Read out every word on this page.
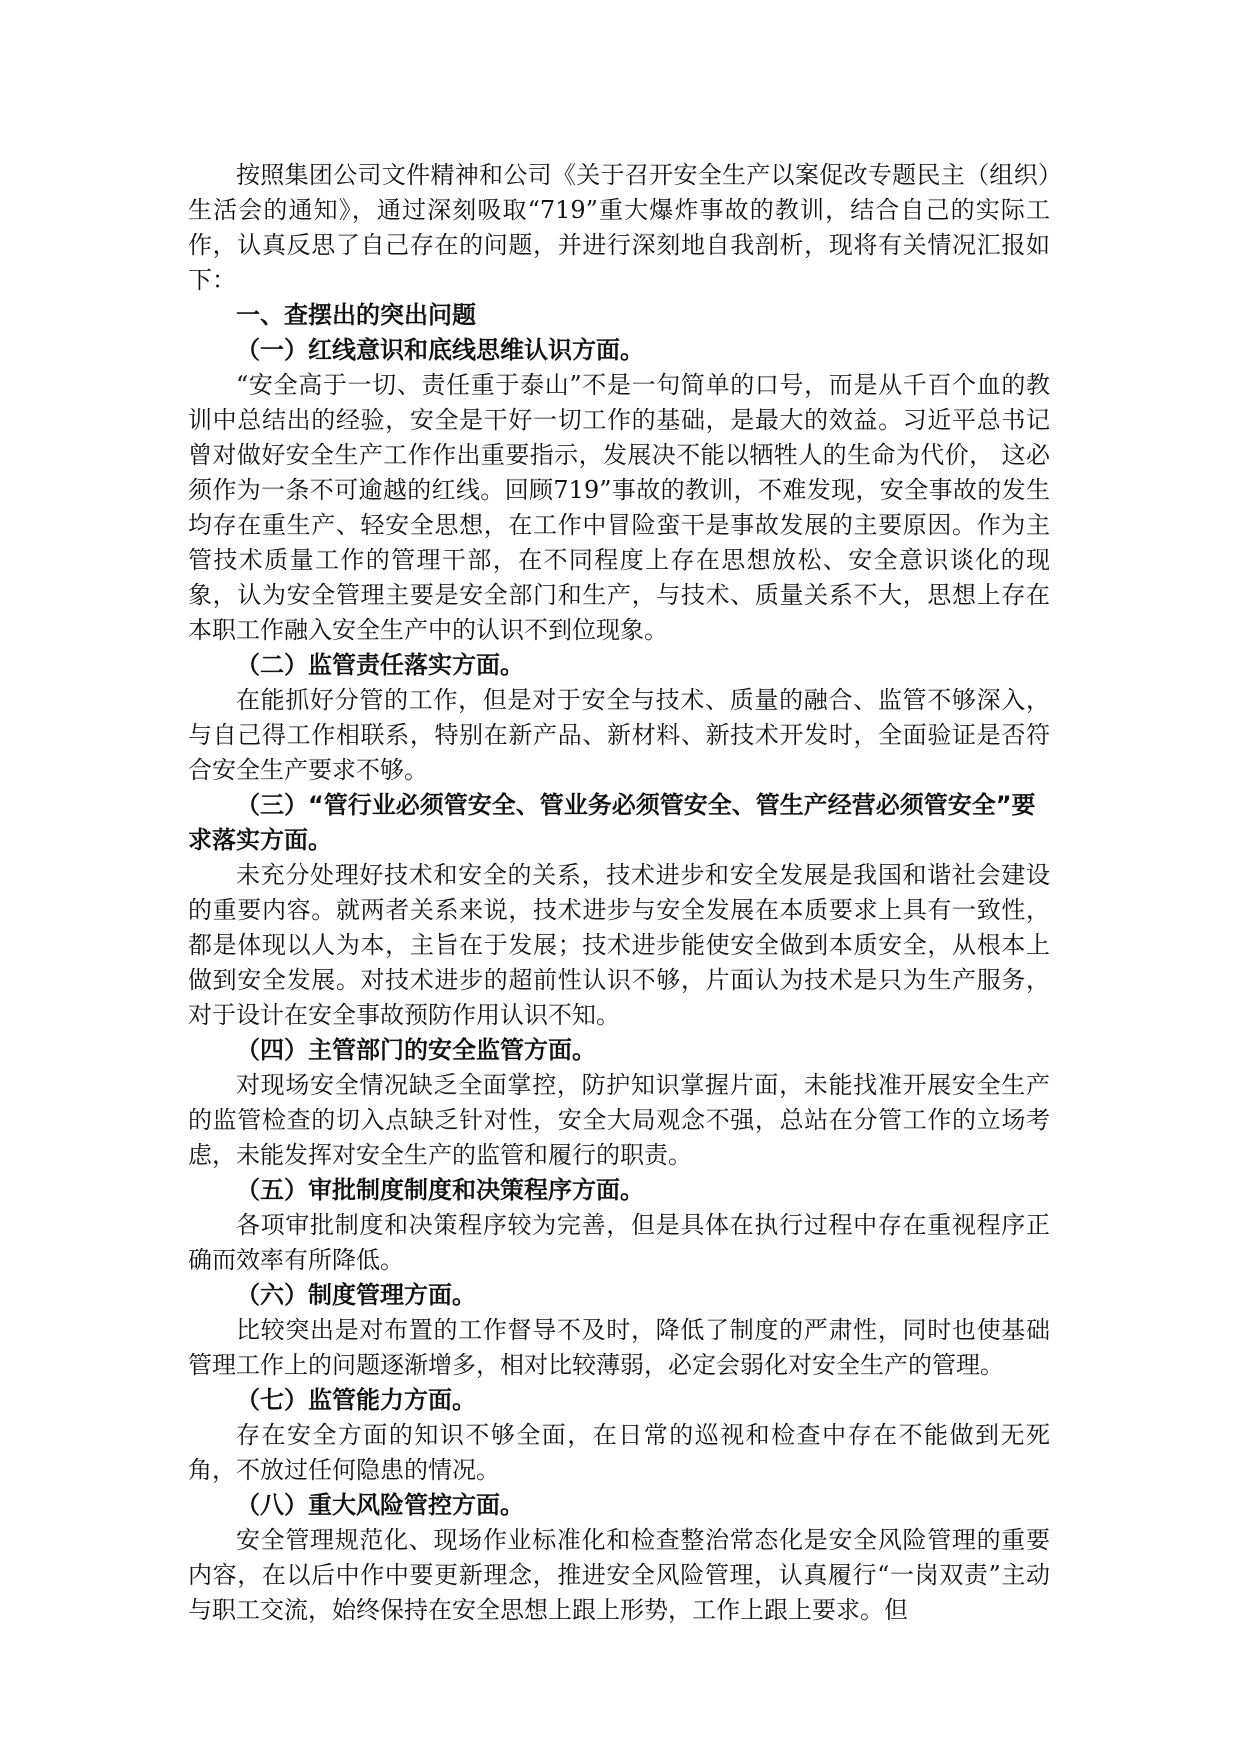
按照集团公司文件精神和公司《关于召开安全生产以案促改专题民主（组织）生活会的通知》，通过深刻吸取“719”重大爆炸事故的教训，结合自己的实际工作，认真反思了自己存在的问题，并进行深刻地自我剖析，现将有关情况汇报如下：

一、查摆出的突出问题

（一）红线意识和底线思维认识方面。

“安全高于一切、责任重于泰山”不是一句简单的口号，而是从千百个血的教训中总结出的经验，安全是干好一切工作的基础，是最大的效益。习近平总书记曾对做好安全生产工作作出重要指示，发展决不能以牺牲人的生命为代价， 这必须作为一条不可逾越的红线。回顾719”事故的教训，不难发现，安全事故的发生均存在重生产、轻安全思想，在工作中冒险蛮干是事故发展的主要原因。作为主管技术质量工作的管理干部，在不同程度上存在思想放松、安全意识谈化的现象，认为安全管理主要是安全部门和生产，与技术、质量关系不大，思想上存在本职工作融入安全生产中的认识不到位现象。

（二）监管责任落实方面。

在能抓好分管的工作，但是对于安全与技术、质量的融合、监管不够深入，与自己得工作相联系，特别在新产品、新材料、新技术开发时，全面验证是否符合安全生产要求不够。

（三）“管行业必须管安全、管业务必须管安全、管生产经营必须管安全”要求落实方面。

未充分处理好技术和安全的关系，技术进步和安全发展是我国和谐社会建设的重要内容。就两者关系来说，技术进步与安全发展在本质要求上具有一致性，都是体现以人为本，主旨在于发展；技术进步能使安全做到本质安全，从根本上做到安全发展。对技术进步的超前性认识不够，片面认为技术是只为生产服务，对于设计在安全事故预防作用认识不知。

（四）主管部门的安全监管方面。

对现场安全情况缺乏全面掌控，防护知识掌握片面，未能找准开展安全生产的监管检查的切入点缺乏针对性，安全大局观念不强，总站在分管工作的立场考虑，未能发挥对安全生产的监管和履行的职责。

（五）审批制度制度和决策程序方面。

各项审批制度和决策程序较为完善，但是具体在执行过程中存在重视程序正确而效率有所降低。

（六）制度管理方面。

比较突出是对布置的工作督导不及时，降低了制度的严肃性，同时也使基础管理工作上的问题逐渐增多，相对比较薄弱，必定会弱化对安全生产的管理。

（七）监管能力方面。

存在安全方面的知识不够全面，在日常的巡视和检查中存在不能做到无死角，不放过任何隐患的情况。

（八）重大风险管控方面。

安全管理规范化、现场作业标准化和检查整治常态化是安全风险管理的重要内容，在以后中作中要更新理念，推进安全风险管理，认真履行“一岗双责”主动与职工交流，始终保持在安全思想上跟上形势，工作上跟上要求。但
